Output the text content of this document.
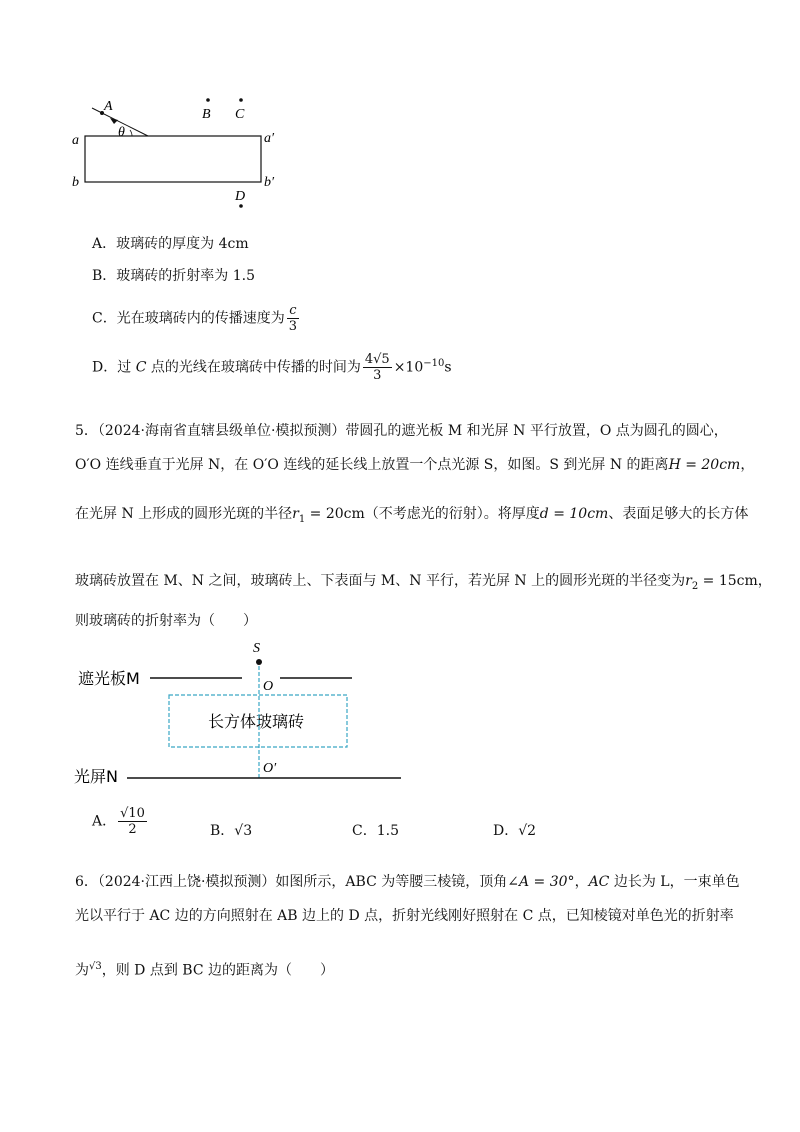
A
θ
B C
a	a′
b	b′
D
A．玻璃砖的厚度为 4cm
B．玻璃砖的折射率为 1.5
C．光在玻璃砖内的传播速度为 $\frac{c}{3}$
D．过 C 点的光线在玻璃砖中传播的时间为 $\frac{4√5}{3} \times 10^{-10}s$
5．（2024·海南省直辖县级单位·模拟预测）带圆孔的遮光板 M 和光屏 N 平行放置，O 点为圆孔的圆心，
O′O 连线垂直于光屏 N，在 O′O 连线的延长线上放置一个点光源 S，如图。S 到光屏 N 的距离H = 20cm，
在光屏 N 上形成的圆形光斑的半径$r_1 = 20cm$（不考虑光的衍射）。将厚度d = 10cm、表面足够大的长方体
玻璃砖放置在 M、N 之间，玻璃砖上、下表面与 M、N 平行，若光屏 N 上的圆形光斑的半径变为$r_2 = 15cm$，
则玻璃砖的折射率为（　　）
S
O
遮光板M
长方体玻璃砖
O′
光屏N
A． $\frac{√10}{2}$	B．√3	C．1.5	D．√2
6．（2024·江西上饶·模拟预测）如图所示，ABC 为等腰三棱镜，顶角∠A = 30°，AC 边长为 L，一束单色
光以平行于 AC 边的方向照射在 AB 边上的 D 点，折射光线刚好照射在 C 点，已知棱镜对单色光的折射率
为$^{√3}$，则 D 点到 BC 边的距离为（　　）
